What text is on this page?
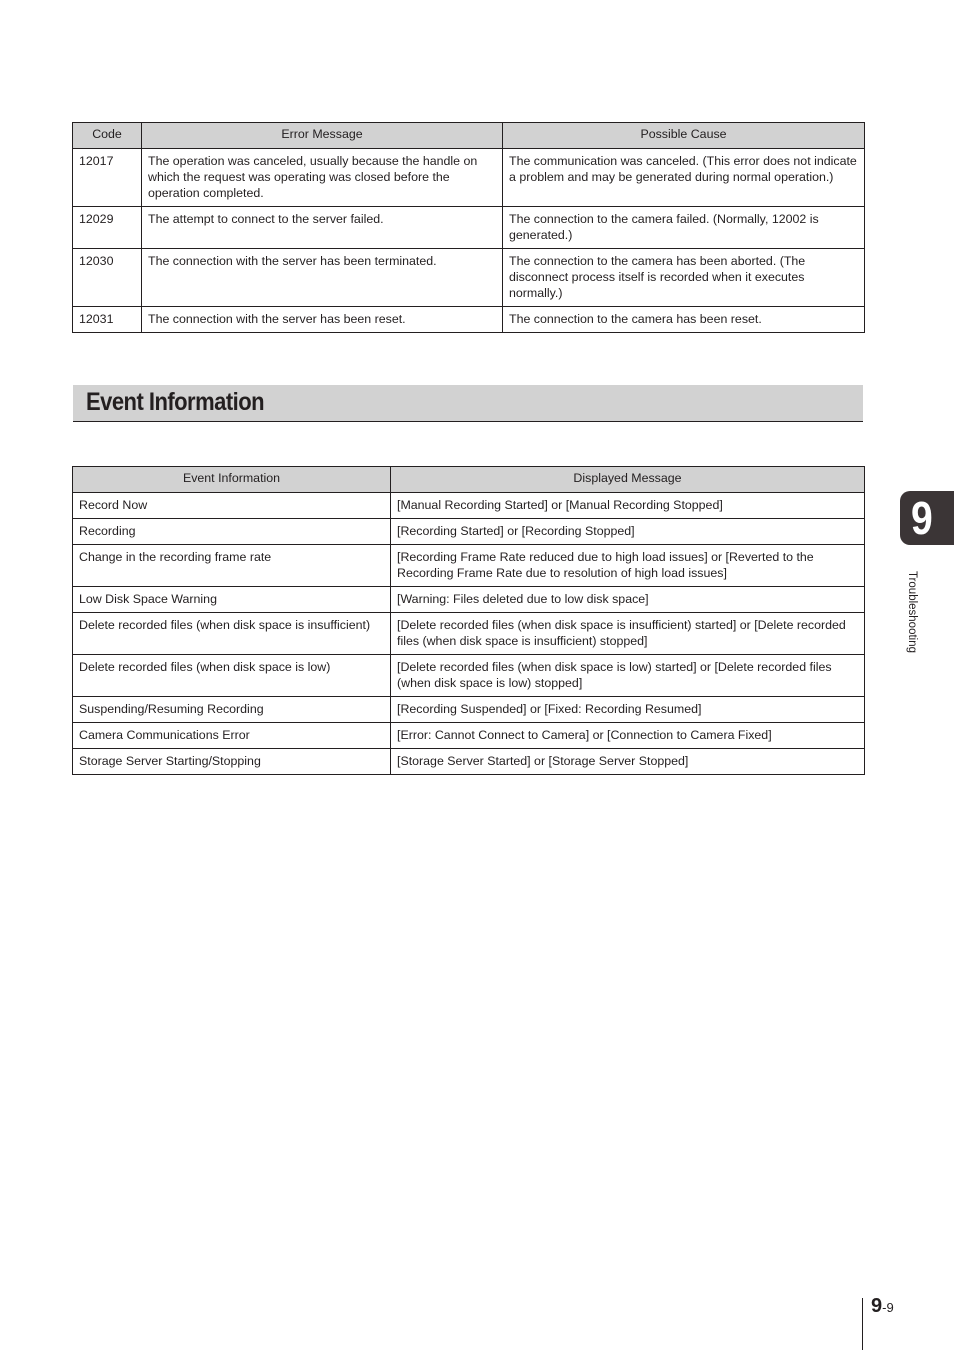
Code	Error Message	Possible Cause
12017	The operation was canceled, usually because the handle on which the request was operating was closed before the operation completed.	The communication was canceled. (This error does not indicate a problem and may be generated during normal operation.)
12029	The attempt to connect to the server failed.	The connection to the camera failed. (Normally, 12002 is generated.)
12030	The connection with the server has been terminated.	The connection to the camera has been aborted. (The disconnect process itself is recorded when it executes normally.)
12031	The connection with the server has been reset.	The connection to the camera has been reset.
Event Information
Event Information	Displayed Message
Record Now	[Manual Recording Started] or [Manual Recording Stopped]
Recording	[Recording Started] or [Recording Stopped]
Change in the recording frame rate	[Recording Frame Rate reduced due to high load issues] or [Reverted to the Recording Frame Rate due to resolution of high load issues]
Low Disk Space Warning	[Warning: Files deleted due to low disk space]
Delete recorded files (when disk space is insufficient)	[Delete recorded files (when disk space is insufficient) started] or [Delete recorded files (when disk space is insufficient) stopped]
Delete recorded files (when disk space is low)	[Delete recorded files (when disk space is low) started] or [Delete recorded files (when disk space is low) stopped]
Suspending/Resuming Recording	[Recording Suspended] or [Fixed: Recording Resumed]
Camera Communications Error	[Error: Cannot Connect to Camera] or [Connection to Camera Fixed]
Storage Server Starting/Stopping	[Storage Server Started] or [Storage Server Stopped]
9
Troubleshooting
9-9
